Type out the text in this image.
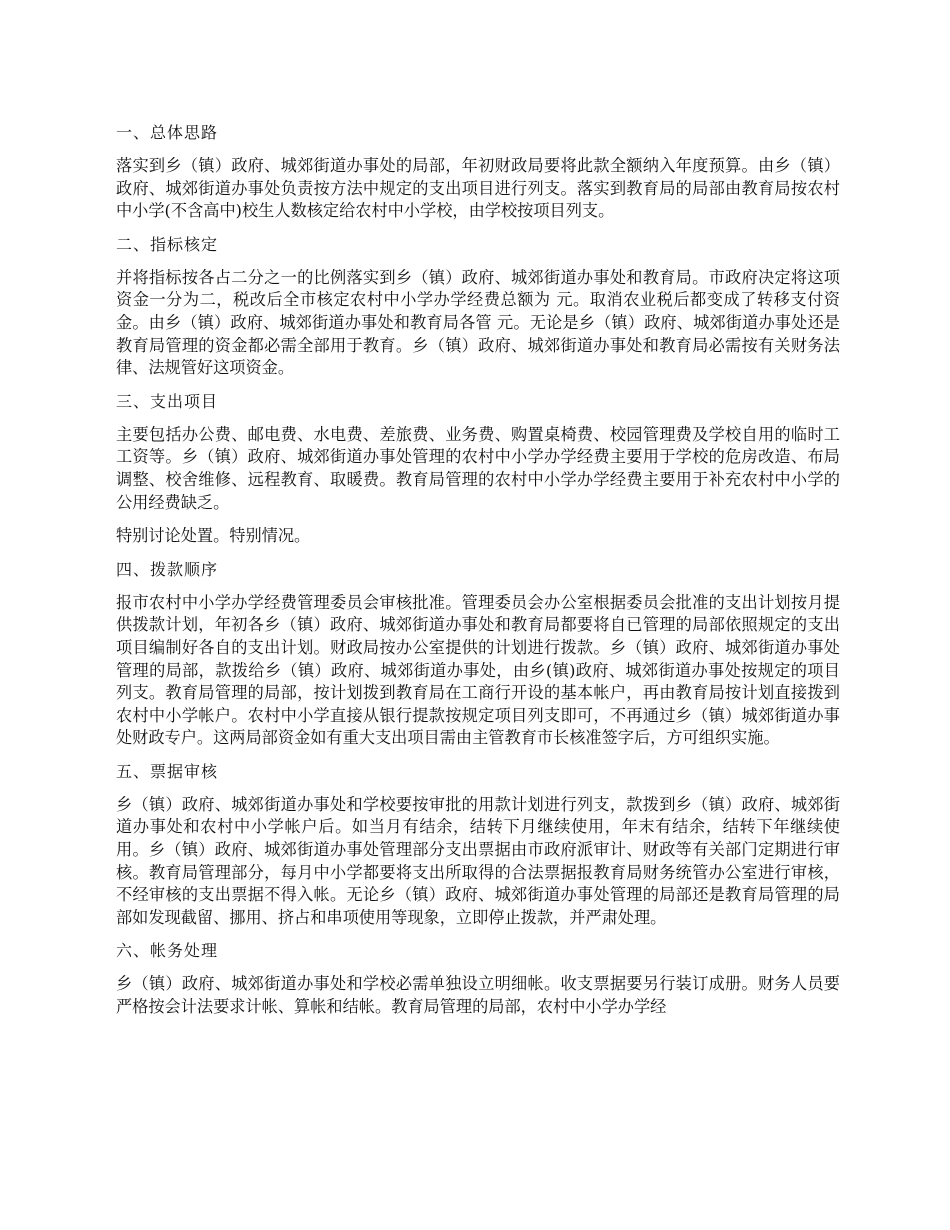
一、总体思路

落实到乡（镇）政府、城郊街道办事处的局部，年初财政局要将此款全额纳入年度预算。由乡（镇）政府、城郊街道办事处负责按方法中规定的支出项目进行列支。落实到教育局的局部由教育局按农村中小学(不含高中)校生人数核定给农村中小学校，由学校按项目列支。

二、指标核定

并将指标按各占二分之一的比例落实到乡（镇）政府、城郊街道办事处和教育局。市政府决定将这项资金一分为二，税改后全市核定农村中小学办学经费总额为 元。取消农业税后都变成了转移支付资金。由乡（镇）政府、城郊街道办事处和教育局各管 元。无论是乡（镇）政府、城郊街道办事处还是教育局管理的资金都必需全部用于教育。乡（镇）政府、城郊街道办事处和教育局必需按有关财务法律、法规管好这项资金。

三、支出项目

主要包括办公费、邮电费、水电费、差旅费、业务费、购置桌椅费、校园管理费及学校自用的临时工工资等。乡（镇）政府、城郊街道办事处管理的农村中小学办学经费主要用于学校的危房改造、布局调整、校舍维修、远程教育、取暖费。教育局管理的农村中小学办学经费主要用于补充农村中小学的公用经费缺乏。

特别讨论处置。特别情况。

四、拨款顺序

报市农村中小学办学经费管理委员会审核批准。管理委员会办公室根据委员会批准的支出计划按月提供拨款计划，年初各乡（镇）政府、城郊街道办事处和教育局都要将自已管理的局部依照规定的支出项目编制好各自的支出计划。财政局按办公室提供的计划进行拨款。乡（镇）政府、城郊街道办事处管理的局部，款拨给乡（镇）政府、城郊街道办事处，由乡(镇)政府、城郊街道办事处按规定的项目列支。教育局管理的局部，按计划拨到教育局在工商行开设的基本帐户，再由教育局按计划直接拨到农村中小学帐户。农村中小学直接从银行提款按规定项目列支即可，不再通过乡（镇）城郊街道办事处财政专户。这两局部资金如有重大支出项目需由主管教育市长核准签字后，方可组织实施。

五、票据审核

乡（镇）政府、城郊街道办事处和学校要按审批的用款计划进行列支，款拨到乡（镇）政府、城郊街道办事处和农村中小学帐户后。如当月有结余，结转下月继续使用，年末有结余，结转下年继续使用。乡（镇）政府、城郊街道办事处管理部分支出票据由市政府派审计、财政等有关部门定期进行审核。教育局管理部分，每月中小学都要将支出所取得的合法票据报教育局财务统管办公室进行审核，不经审核的支出票据不得入帐。无论乡（镇）政府、城郊街道办事处管理的局部还是教育局管理的局部如发现截留、挪用、挤占和串项使用等现象，立即停止拨款，并严肃处理。

六、帐务处理

乡（镇）政府、城郊街道办事处和学校必需单独设立明细帐。收支票据要另行装订成册。财务人员要严格按会计法要求计帐、算帐和结帐。教育局管理的局部，农村中小学办学经
